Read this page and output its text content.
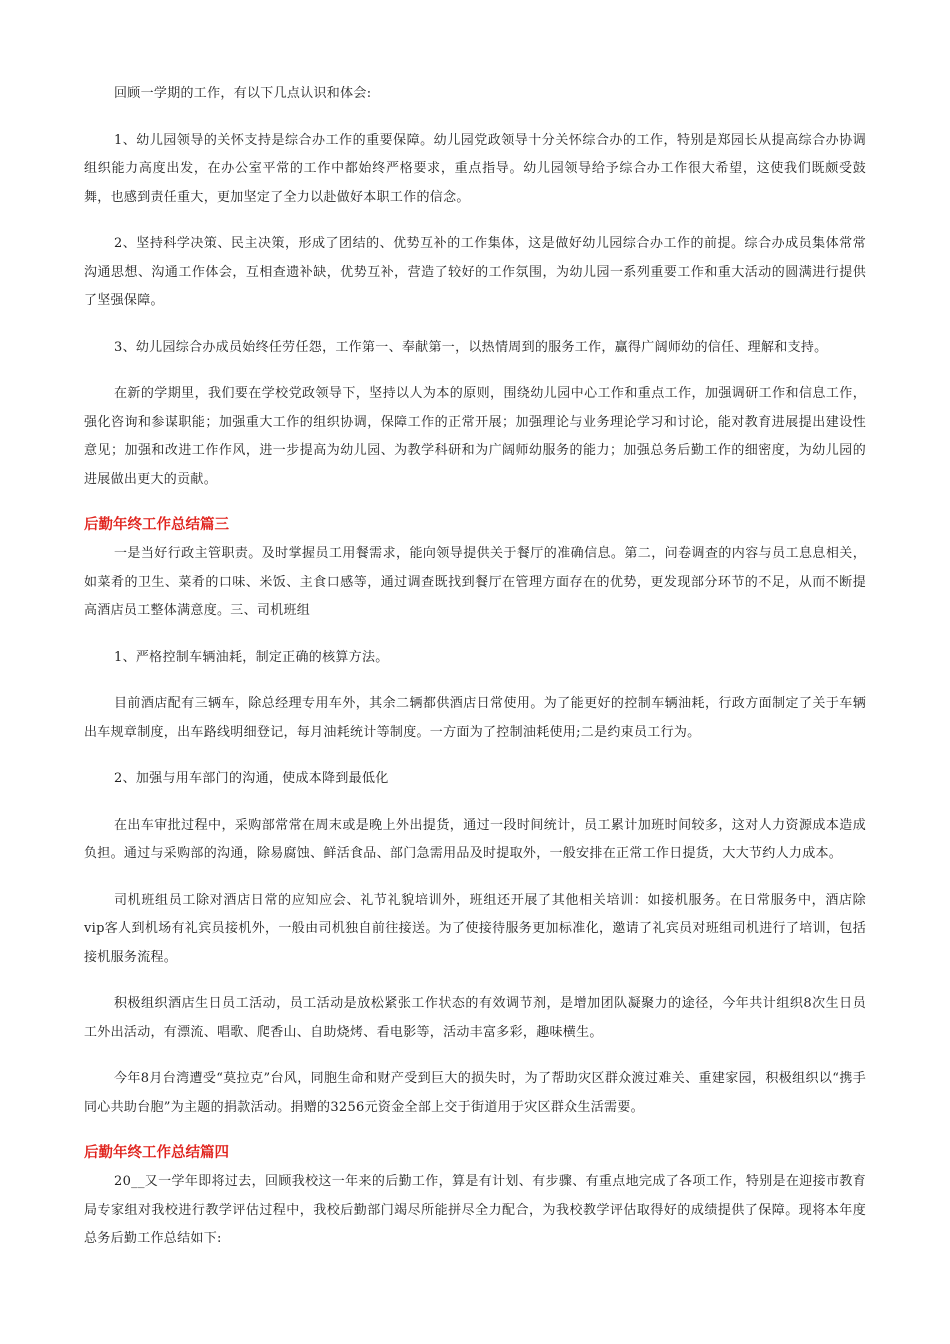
回顾一学期的工作，有以下几点认识和体会:

1、幼儿园领导的关怀支持是综合办工作的重要保障。幼儿园党政领导十分关怀综合办的工作，特别是郑园长从提高综合办协调组织能力高度出发，在办公室平常的工作中都始终严格要求，重点指导。幼儿园领导给予综合办工作很大希望，这使我们既颇受鼓舞，也感到责任重大，更加坚定了全力以赴做好本职工作的信念。

2、坚持科学决策、民主决策，形成了团结的、优势互补的工作集体，这是做好幼儿园综合办工作的前提。综合办成员集体常常沟通思想、沟通工作体会，互相查遗补缺，优势互补，营造了较好的工作氛围，为幼儿园一系列重要工作和重大活动的圆满进行提供了坚强保障。

3、幼儿园综合办成员始终任劳任怨，工作第一、奉献第一，以热情周到的服务工作，赢得广阔师幼的信任、理解和支持。

在新的学期里，我们要在学校党政领导下，坚持以人为本的原则，围绕幼儿园中心工作和重点工作，加强调研工作和信息工作，强化咨询和参谋职能；加强重大工作的组织协调，保障工作的正常开展；加强理论与业务理论学习和讨论，能对教育进展提出建设性意见；加强和改进工作作风，进一步提高为幼儿园、为教学科研和为广阔师幼服务的能力；加强总务后勤工作的细密度，为幼儿园的进展做出更大的贡献。

后勤年终工作总结篇三

一是当好行政主管职责。及时掌握员工用餐需求，能向领导提供关于餐厅的准确信息。第二，问卷调查的内容与员工息息相关，如菜肴的卫生、菜肴的口味、米饭、主食口感等，通过调查既找到餐厅在管理方面存在的优势，更发现部分环节的不足，从而不断提高酒店员工整体满意度。三、司机班组

1、严格控制车辆油耗，制定正确的核算方法。

目前酒店配有三辆车，除总经理专用车外，其余二辆都供酒店日常使用。为了能更好的控制车辆油耗，行政方面制定了关于车辆出车规章制度，出车路线明细登记，每月油耗统计等制度。一方面为了控制油耗使用;二是约束员工行为。

2、加强与用车部门的沟通，使成本降到最低化

在出车审批过程中，采购部常常在周末或是晚上外出提货，通过一段时间统计，员工累计加班时间较多，这对人力资源成本造成负担。通过与采购部的沟通，除易腐蚀、鲜活食品、部门急需用品及时提取外，一般安排在正常工作日提货，大大节约人力成本。

司机班组员工除对酒店日常的应知应会、礼节礼貌培训外，班组还开展了其他相关培训：如接机服务。在日常服务中，酒店除vip客人到机场有礼宾员接机外，一般由司机独自前往接送。为了使接待服务更加标准化，邀请了礼宾员对班组司机进行了培训，包括接机服务流程。

积极组织酒店生日员工活动，员工活动是放松紧张工作状态的有效调节剂，是增加团队凝聚力的途径，今年共计组织8次生日员工外出活动，有漂流、唱歌、爬香山、自助烧烤、看电影等，活动丰富多彩，趣味横生。

今年8月台湾遭受“莫拉克”台风，同胞生命和财产受到巨大的损失时，为了帮助灾区群众渡过难关、重建家园，积极组织以“携手同心共助台胞”为主题的捐款活动。捐赠的3256元资金全部上交于街道用于灾区群众生活需要。

后勤年终工作总结篇四

20__又一学年即将过去，回顾我校这一年来的后勤工作，算是有计划、有步骤、有重点地完成了各项工作，特别是在迎接市教育局专家组对我校进行教学评估过程中，我校后勤部门竭尽所能拼尽全力配合，为我校教学评估取得好的成绩提供了保障。现将本年度总务后勤工作总结如下:
